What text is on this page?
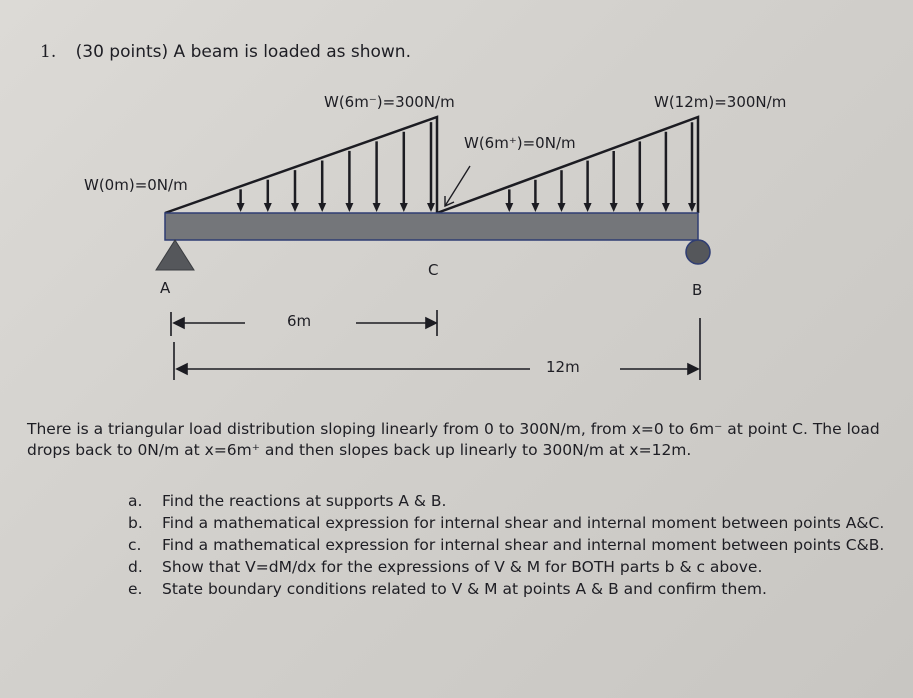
1. (30 points) A beam is loaded as shown.
W(0m)=0N/m
W(6m⁻)=300N/m
W(6m⁺)=0N/m
W(12m)=300N/m
A
C
B
6m
12m

There is a triangular load distribution sloping linearly from 0 to 300N/m, from x=0 to 6m⁻ at point C. The load drops back to 0N/m at x=6m⁺ and then slopes back up linearly to 300N/m at x=12m.

a.	Find the reactions at supports A & B.
b.	Find a mathematical expression for internal shear and internal moment between points A&C.
c.	Find a mathematical expression for internal shear and internal moment between points C&B.
d.	Show that V=dM/dx for the expressions of V & M for BOTH parts b & c above.
e.	State boundary conditions related to V & M at points A & B and confirm them.
